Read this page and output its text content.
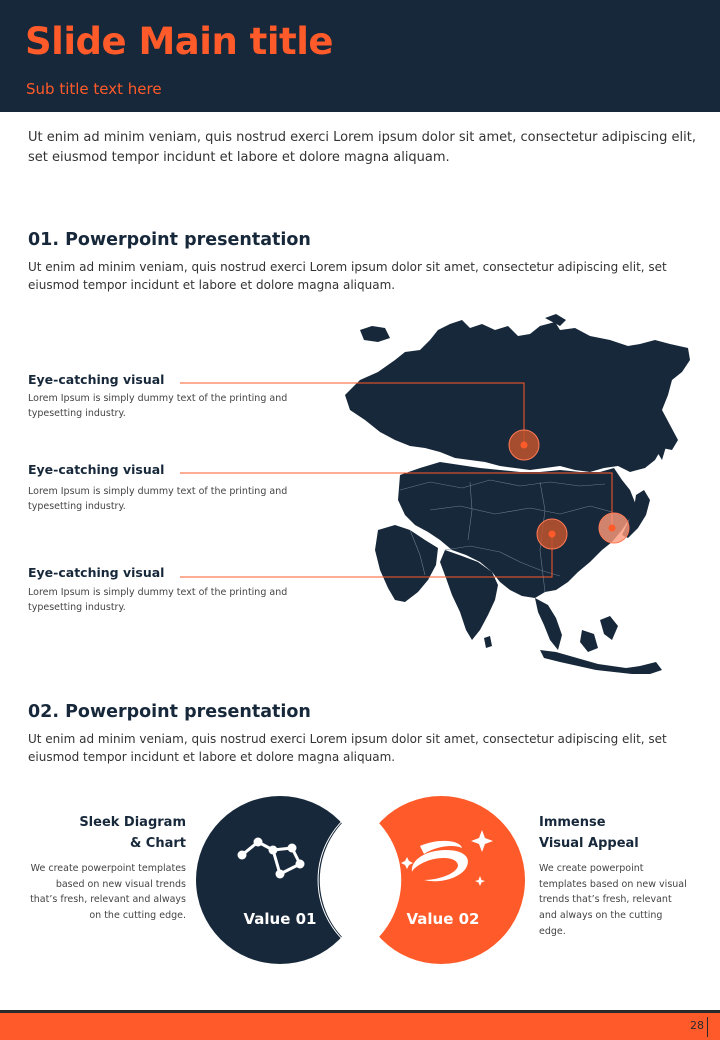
Slide Main title
Sub title text here

Ut enim ad minim veniam, quis nostrud exerci Lorem ipsum dolor sit amet, consectetur adipiscing elit, set eiusmod tempor incidunt et labore et dolore magna aliquam.

01. Powerpoint presentation

Ut enim ad minim veniam, quis nostrud exerci Lorem ipsum dolor sit amet, consectetur adipiscing elit, set eiusmod tempor incidunt et labore et dolore magna aliquam.

Eye-catching visual

Lorem Ipsum is simply dummy text of the printing and typesetting industry.

Eye-catching visual

Lorem Ipsum is simply dummy text of the printing and typesetting industry.

Eye-catching visual

Lorem Ipsum is simply dummy text of the printing and typesetting industry.

02. Powerpoint presentation

Ut enim ad minim veniam, quis nostrud exerci Lorem ipsum dolor sit amet, consectetur adipiscing elit, set eiusmod tempor incidunt et labore et dolore magna aliquam.

Sleek Diagram
& Chart

We create powerpoint templates based on new visual trends that’s fresh, relevant and always on the cutting edge.

Immense
Visual Appeal

We create powerpoint templates based on new visual trends that’s fresh, relevant and always on the cutting edge.

Value 01	Value 02
28
